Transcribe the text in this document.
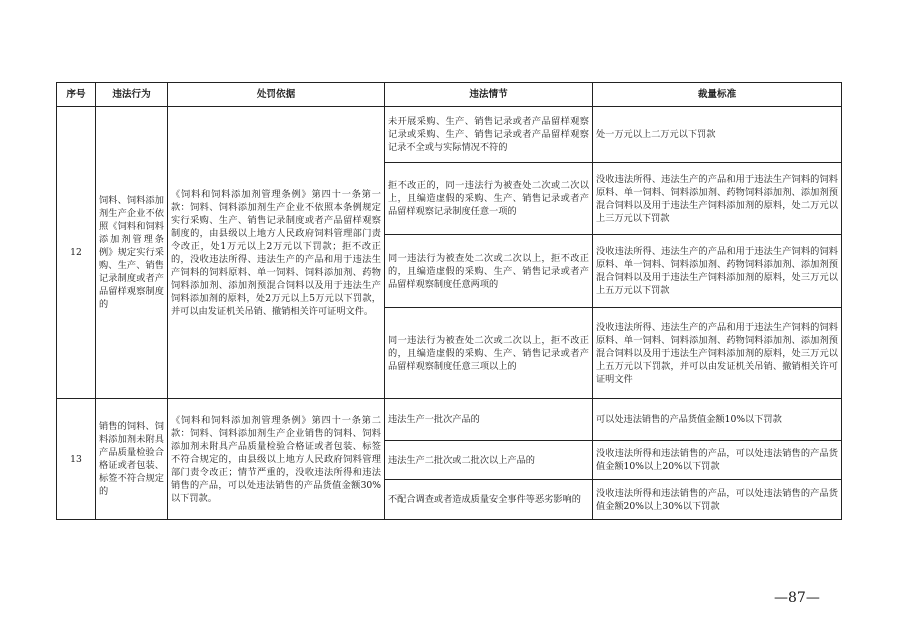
序号	违法行为	处罚依据	违法情节	裁量标准
12	饲料、饲料添加剂生产企业不依照《饲料和饲料添加剂管理条例》规定实行采购、生产、销售记录制度或者产品留样观察制度的	《饲料和饲料添加剂管理条例》第四十一条第一款：饲料、饲料添加剂生产企业不依照本条例规定实行采购、生产、销售记录制度或者产品留样观察制度的，由县级以上地方人民政府饲料管理部门责令改正，处1万元以上2万元以下罚款；拒不改正的，没收违法所得、违法生产的产品和用于违法生产饲料的饲料原料、单一饲料、饲料添加剂、药物饲料添加剂、添加剂预混合饲料以及用于违法生产饲料添加剂的原料，处2万元以上5万元以下罚款，并可以由发证机关吊销、撤销相关许可证明文件。	未开展采购、生产、销售记录或者产品留样观察记录或采购、生产、销售记录或者产品留样观察记录不全或与实际情况不符的	处一万元以上二万元以下罚款
			拒不改正的，同一违法行为被查处二次或二次以上，且编造虚假的采购、生产、销售记录或者产品留样观察记录制度任意一项的	没收违法所得、违法生产的产品和用于违法生产饲料的饲料原料、单一饲料、饲料添加剂、药物饲料添加剂、添加剂预混合饲料以及用于违法生产饲料添加剂的原料，处二万元以上三万元以下罚款
			同一违法行为被查处二次或二次以上，拒不改正的，且编造虚假的采购、生产、销售记录或者产品留样观察制度任意两项的	没收违法所得、违法生产的产品和用于违法生产饲料的饲料原料、单一饲料、饲料添加剂、药物饲料添加剂、添加剂预混合饲料以及用于违法生产饲料添加剂的原料，处三万元以上五万元以下罚款
			同一违法行为被查处二次或二次以上，拒不改正的，且编造虚假的采购、生产、销售记录或者产品留样观察制度任意三项以上的	没收违法所得、违法生产的产品和用于违法生产饲料的饲料原料、单一饲料、饲料添加剂、药物饲料添加剂、添加剂预混合饲料以及用于违法生产饲料添加剂的原料，处三万元以上五万元以下罚款，并可以由发证机关吊销、撤销相关许可证明文件
13	销售的饲料、饲料添加剂未附具产品质量检验合格证或者包装、标签不符合规定的	《饲料和饲料添加剂管理条例》第四十一条第二款：饲料、饲料添加剂生产企业销售的饲料、饲料添加剂未附具产品质量检验合格证或者包装、标签不符合规定的，由县级以上地方人民政府饲料管理部门责令改正；情节严重的，没收违法所得和违法销售的产品，可以处违法销售的产品货值金额30%以下罚款。	违法生产一批次产品的	可以处违法销售的产品货值金额10%以下罚款
			违法生产二批次或二批次以上产品的	没收违法所得和违法销售的产品，可以处违法销售的产品货值金额10%以上20%以下罚款
			不配合调查或者造成质量安全事件等恶劣影响的	没收违法所得和违法销售的产品，可以处违法销售的产品货值金额20%以上30%以下罚款
—87—
